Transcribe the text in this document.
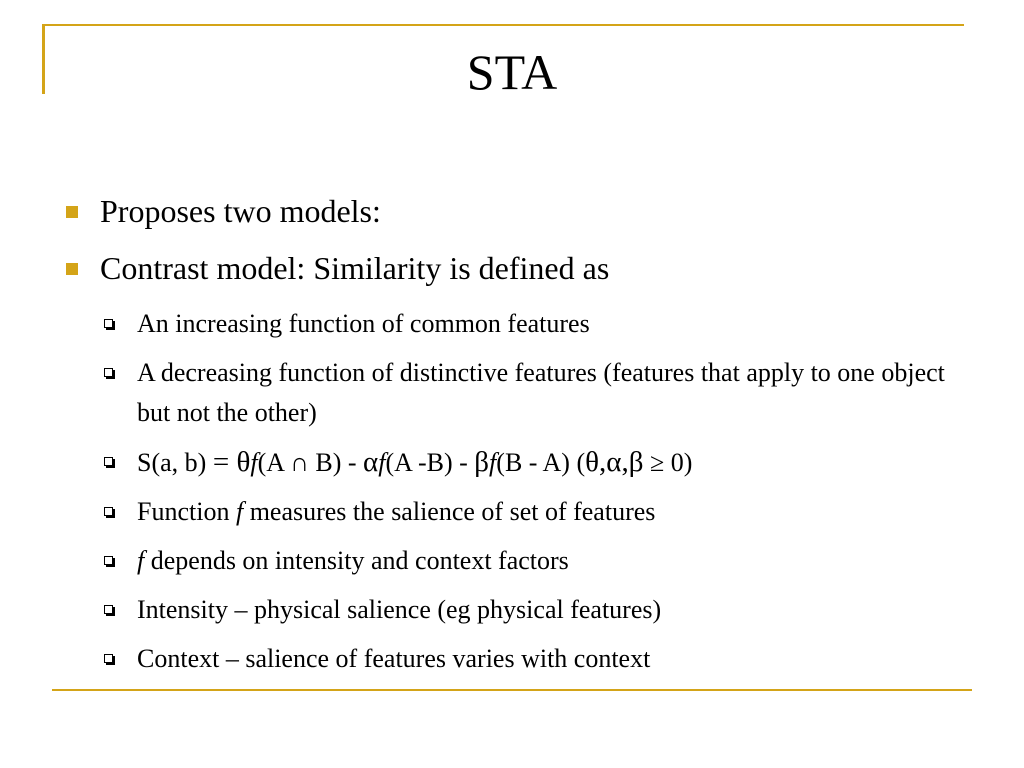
STA
Proposes two models:
Contrast model: Similarity is defined as
An increasing function of common features
A decreasing function of distinctive features (features that apply to one object but not the other)
S(a, b) = θf(A ∩ B) - αf(A -B) - βf(B - A) (θ,α,β ≥ 0)
Function f measures the salience of set of features
f depends on intensity and context factors
Intensity – physical salience (eg physical features)
Context – salience of features varies with context
